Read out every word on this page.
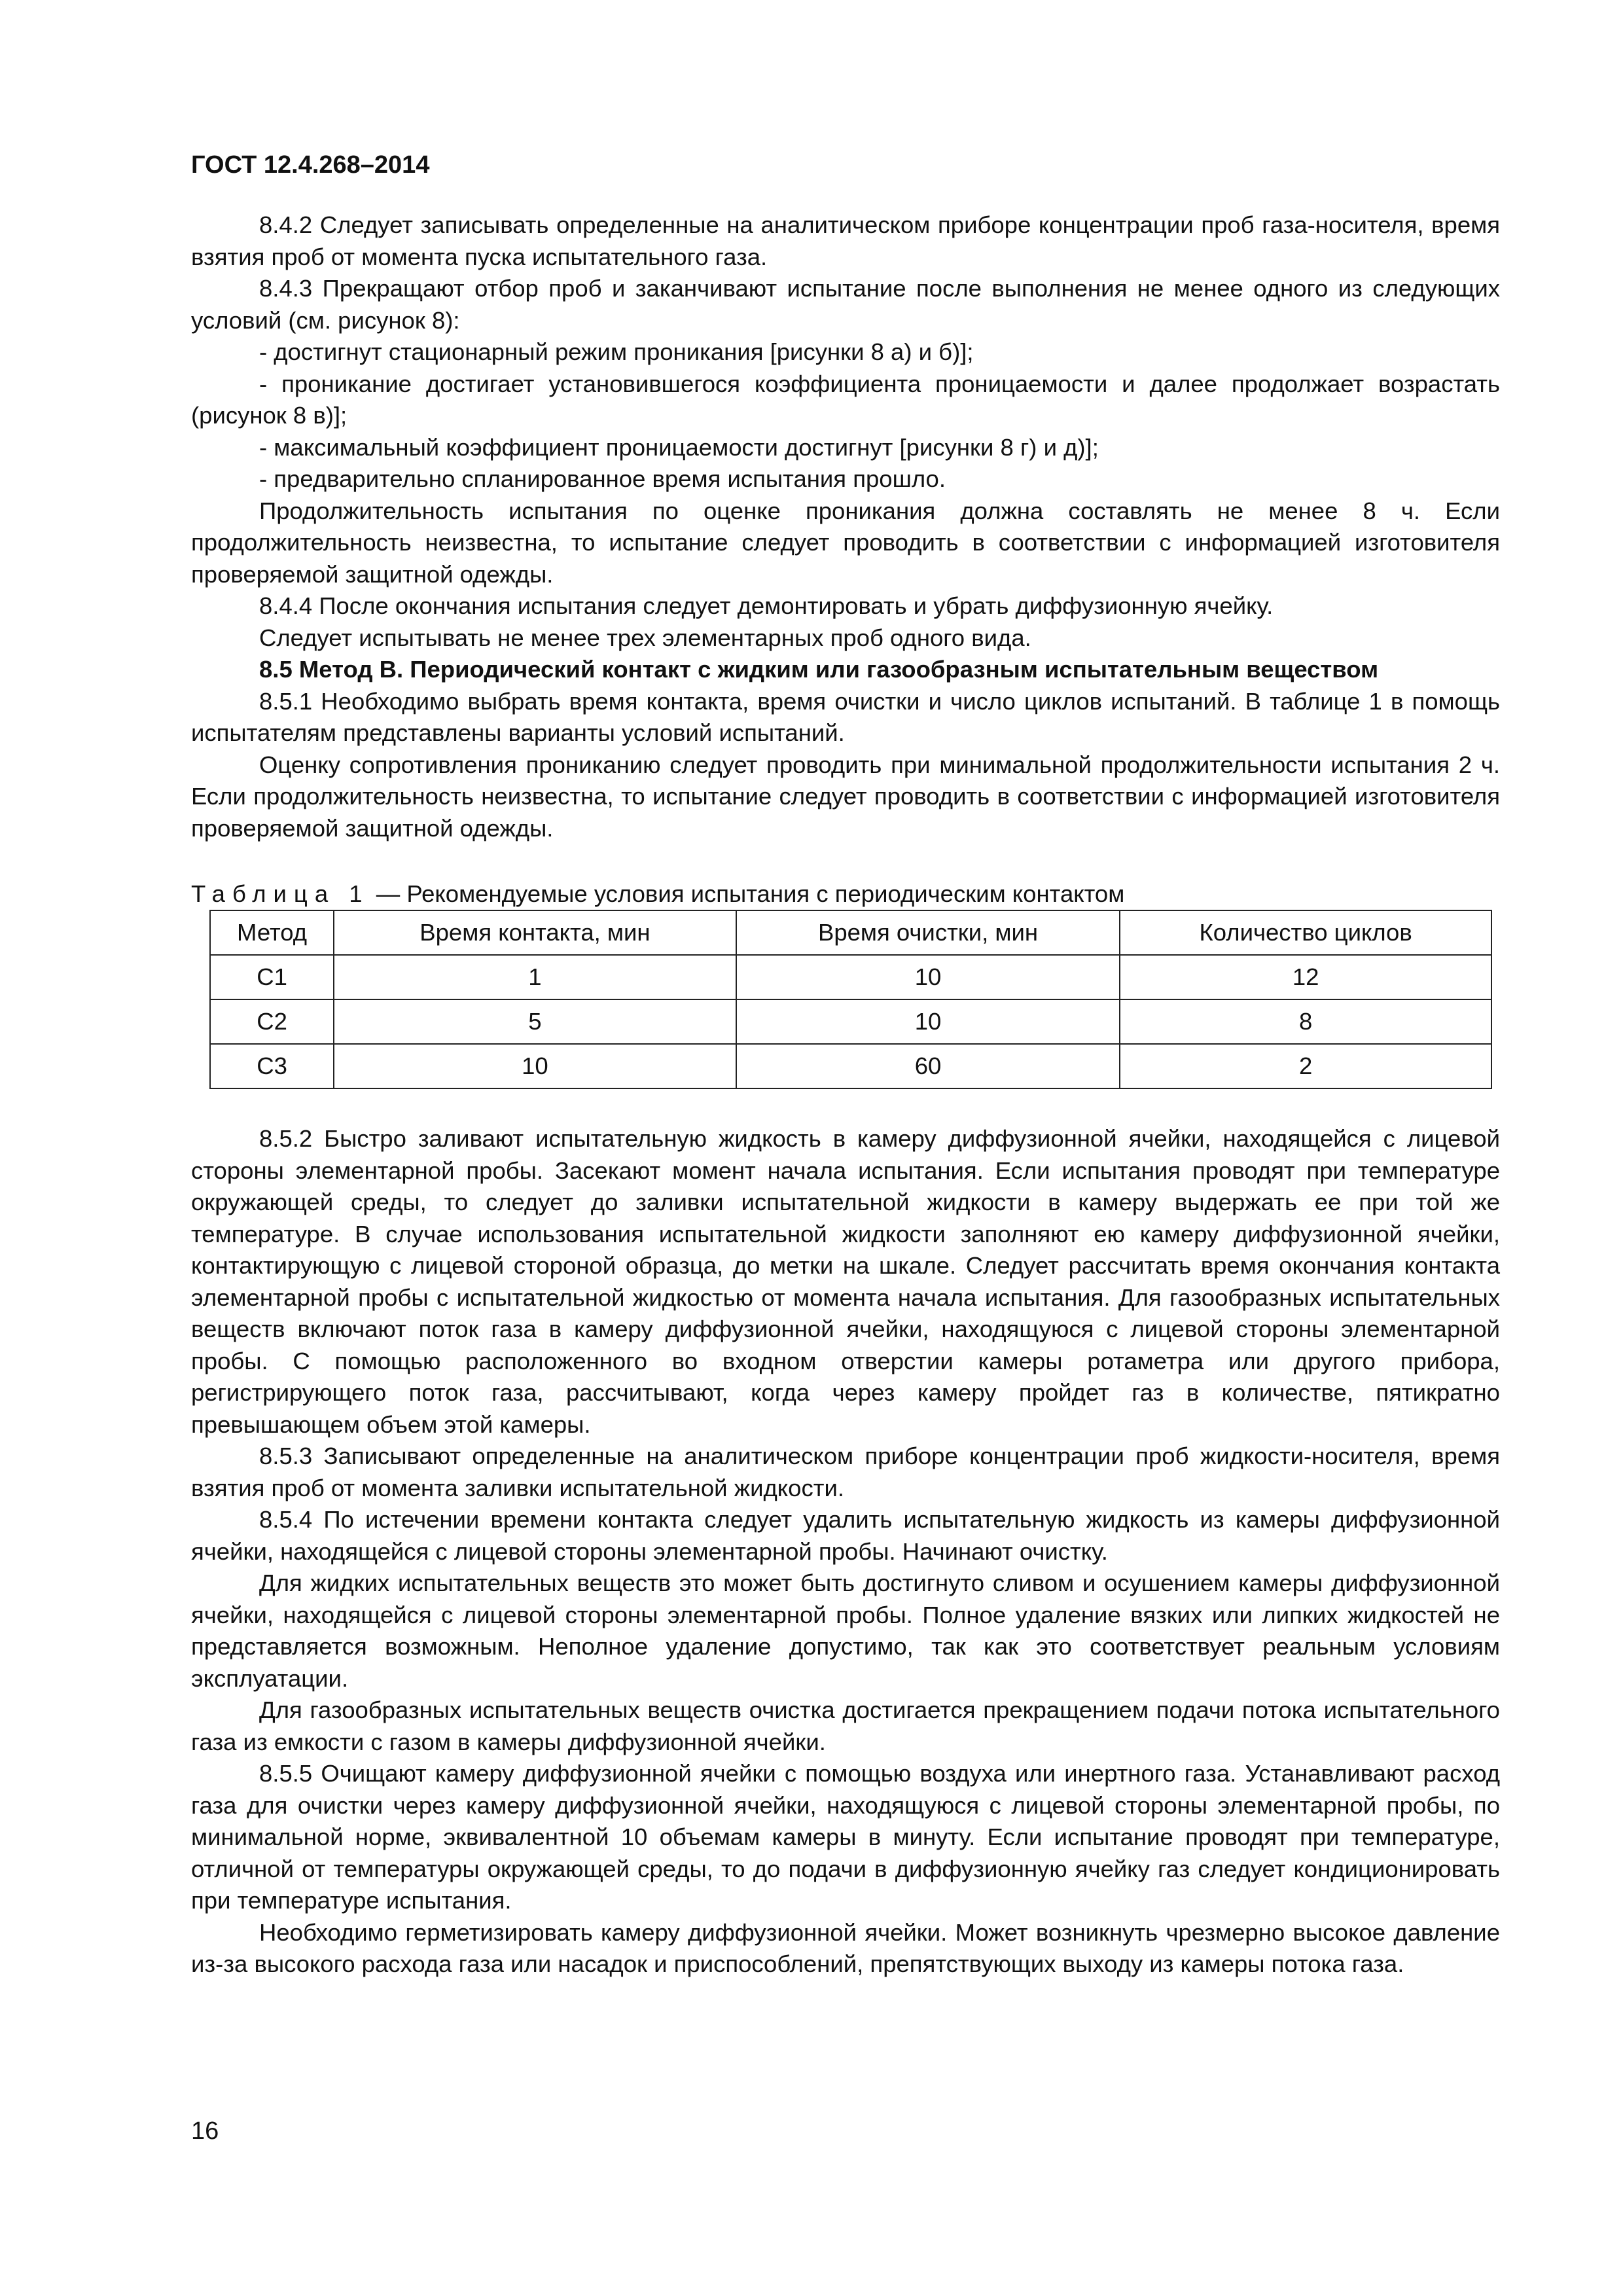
ГОСТ 12.4.268–2014

8.4.2 Следует записывать определенные на аналитическом приборе концентрации проб газа-носителя, время взятия проб от момента пуска испытательного газа.

8.4.3 Прекращают отбор проб и заканчивают испытание после выполнения не менее одного из следующих условий (см. рисунок 8):

- достигнут стационарный режим проникания [рисунки 8 а) и б)];

- проникание достигает установившегося коэффициента проницаемости и далее продолжает возрастать (рисунок 8 в)];

- максимальный коэффициент проницаемости достигнут [рисунки 8 г) и д)];

- предварительно спланированное время испытания прошло.

Продолжительность испытания по оценке проникания должна составлять не менее 8 ч. Если продолжительность неизвестна, то испытание следует проводить в соответствии с информацией изготовителя проверяемой защитной одежды.

8.4.4 После окончания испытания следует демонтировать и убрать диффузионную ячейку.

Следует испытывать не менее трех элементарных проб одного вида.

8.5 Метод В. Периодический контакт с жидким или газообразным испытательным веществом

8.5.1 Необходимо выбрать время контакта, время очистки и число циклов испытаний. В таблице 1 в помощь испытателям представлены варианты условий испытаний.

Оценку сопротивления прониканию следует проводить при минимальной продолжительности испытания 2 ч. Если продолжительность неизвестна, то испытание следует проводить в соответствии с информацией изготовителя проверяемой защитной одежды.

Таблица 1 — Рекомендуемые условия испытания с периодическим контактом
Метод	Время контакта, мин	Время очистки, мин	Количество циклов
C1	1	10	12
C2	5	10	8
C3	10	60	2

8.5.2 Быстро заливают испытательную жидкость в камеру диффузионной ячейки, находящейся с лицевой стороны элементарной пробы. Засекают момент начала испытания. Если испытания проводят при температуре окружающей среды, то следует до заливки испытательной жидкости в камеру выдержать ее при той же температуре. В случае использования испытательной жидкости заполняют ею камеру диффузионной ячейки, контактирующую с лицевой стороной образца, до метки на шкале. Следует рассчитать время окончания контакта элементарной пробы с испытательной жидкостью от момента начала испытания. Для газообразных испытательных веществ включают поток газа в камеру диффузионной ячейки, находящуюся с лицевой стороны элементарной пробы. С помощью расположенного во входном отверстии камеры ротаметра или другого прибора, регистрирующего поток газа, рассчитывают, когда через камеру пройдет газ в количестве, пятикратно превышающем объем этой камеры.

8.5.3 Записывают определенные на аналитическом приборе концентрации проб жидкости-носителя, время взятия проб от момента заливки испытательной жидкости.

8.5.4 По истечении времени контакта следует удалить испытательную жидкость из камеры диффузионной ячейки, находящейся с лицевой стороны элементарной пробы. Начинают очистку.

Для жидких испытательных веществ это может быть достигнуто сливом и осушением камеры диффузионной ячейки, находящейся с лицевой стороны элементарной пробы. Полное удаление вязких или липких жидкостей не представляется возможным. Неполное удаление допустимо, так как это соответствует реальным условиям эксплуатации.

Для газообразных испытательных веществ очистка достигается прекращением подачи потока испытательного газа из емкости с газом в камеры диффузионной ячейки.

8.5.5 Очищают камеру диффузионной ячейки с помощью воздуха или инертного газа. Устанавливают расход газа для очистки через камеру диффузионной ячейки, находящуюся с лицевой стороны элементарной пробы, по минимальной норме, эквивалентной 10 объемам камеры в минуту. Если испытание проводят при температуре, отличной от температуры окружающей среды, то до подачи в диффузионную ячейку газ следует кондиционировать при температуре испытания.

Необходимо герметизировать камеру диффузионной ячейки. Может возникнуть чрезмерно высокое давление из-за высокого расхода газа или насадок и приспособлений, препятствующих выходу из камеры потока газа.

16
